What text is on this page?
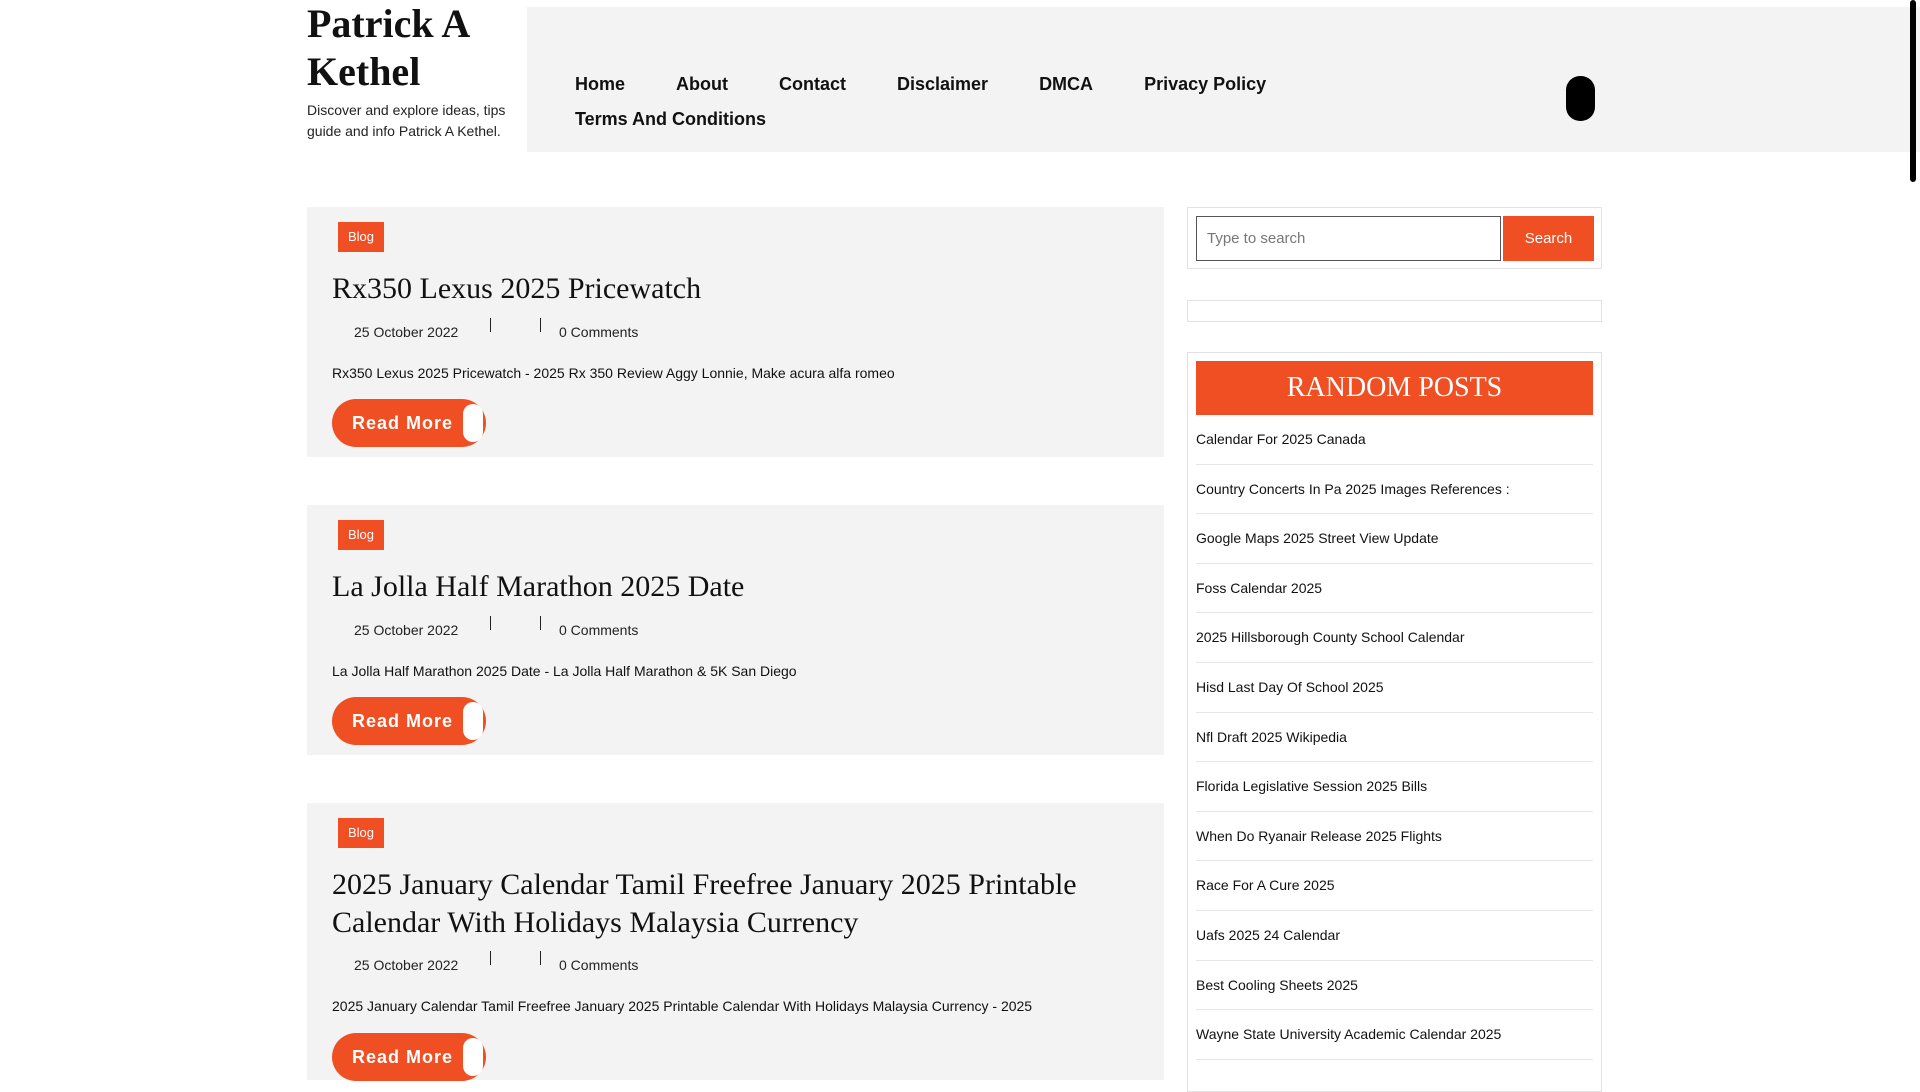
Patrick A
Kethel
Discover and explore ideas, tips guide and info Patrick A Kethel.
Home	About	Contact	Disclaimer	DMCA	Privacy Policy
Terms And Conditions
Blog
Rx350 Lexus 2025 Pricewatch
25 October 2022	0 Comments
Rx350 Lexus 2025 Pricewatch - 2025 Rx 350 Review Aggy Lonnie, Make acura alfa romeo
Read More
Blog
La Jolla Half Marathon 2025 Date
25 October 2022	0 Comments
La Jolla Half Marathon 2025 Date - La Jolla Half Marathon & 5K San Diego
Read More
Blog
2025 January Calendar Tamil Freefree January 2025 Printable Calendar With Holidays Malaysia Currency
25 October 2022	0 Comments
2025 January Calendar Tamil Freefree January 2025 Printable Calendar With Holidays Malaysia Currency - 2025
Read More
Type to search
Search
RANDOM POSTS
Calendar For 2025 Canada
Country Concerts In Pa 2025 Images References :
Google Maps 2025 Street View Update
Foss Calendar 2025
2025 Hillsborough County School Calendar
Hisd Last Day Of School 2025
Nfl Draft 2025 Wikipedia
Florida Legislative Session 2025 Bills
When Do Ryanair Release 2025 Flights
Race For A Cure 2025
Uafs 2025 24 Calendar
Best Cooling Sheets 2025
Wayne State University Academic Calendar 2025
